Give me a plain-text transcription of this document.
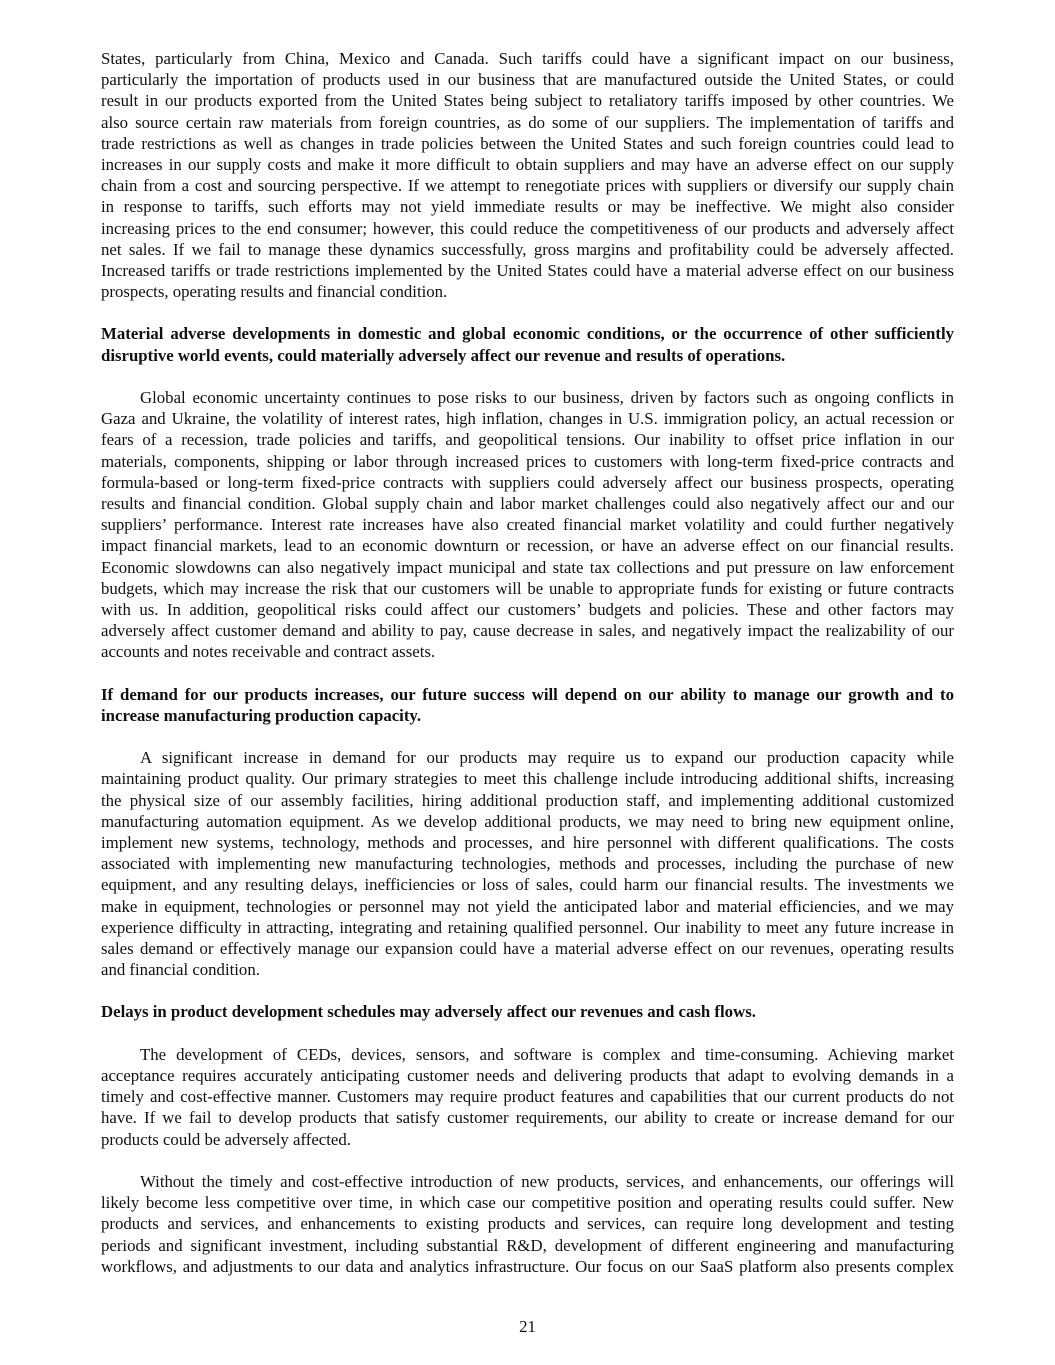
States, particularly from China, Mexico and Canada. Such tariffs could have a significant impact on our business,
particularly the importation of products used in our business that are manufactured outside the United States, or could
result in our products exported from the United States being subject to retaliatory tariffs imposed by other countries. We
also source certain raw materials from foreign countries, as do some of our suppliers. The implementation of tariffs and
trade restrictions as well as changes in trade policies between the United States and such foreign countries could lead to
increases in our supply costs and make it more difficult to obtain suppliers and may have an adverse effect on our supply
chain from a cost and sourcing perspective. If we attempt to renegotiate prices with suppliers or diversify our supply chain
in response to tariffs, such efforts may not yield immediate results or may be ineffective. We might also consider
increasing prices to the end consumer; however, this could reduce the competitiveness of our products and adversely affect
net sales. If we fail to manage these dynamics successfully, gross margins and profitability could be adversely affected.
Increased tariffs or trade restrictions implemented by the United States could have a material adverse effect on our business
prospects, operating results and financial condition.
Material adverse developments in domestic and global economic conditions, or the occurrence of other sufficiently
disruptive world events, could materially adversely affect our revenue and results of operations.
Global economic uncertainty continues to pose risks to our business, driven by factors such as ongoing conflicts in
Gaza and Ukraine, the volatility of interest rates, high inflation, changes in U.S. immigration policy, an actual recession or
fears of a recession, trade policies and tariffs, and geopolitical tensions. Our inability to offset price inflation in our
materials, components, shipping or labor through increased prices to customers with long-term fixed-price contracts and
formula-based or long-term fixed-price contracts with suppliers could adversely affect our business prospects, operating
results and financial condition. Global supply chain and labor market challenges could also negatively affect our and our
suppliers’ performance. Interest rate increases have also created financial market volatility and could further negatively
impact financial markets, lead to an economic downturn or recession, or have an adverse effect on our financial results.
Economic slowdowns can also negatively impact municipal and state tax collections and put pressure on law enforcement
budgets, which may increase the risk that our customers will be unable to appropriate funds for existing or future contracts
with us. In addition, geopolitical risks could affect our customers’ budgets and policies. These and other factors may
adversely affect customer demand and ability to pay, cause decrease in sales, and negatively impact the realizability of our
accounts and notes receivable and contract assets.
If demand for our products increases, our future success will depend on our ability to manage our growth and to
increase manufacturing production capacity.
A significant increase in demand for our products may require us to expand our production capacity while
maintaining product quality. Our primary strategies to meet this challenge include introducing additional shifts, increasing
the physical size of our assembly facilities, hiring additional production staff, and implementing additional customized
manufacturing automation equipment. As we develop additional products, we may need to bring new equipment online,
implement new systems, technology, methods and processes, and hire personnel with different qualifications. The costs
associated with implementing new manufacturing technologies, methods and processes, including the purchase of new
equipment, and any resulting delays, inefficiencies or loss of sales, could harm our financial results. The investments we
make in equipment, technologies or personnel may not yield the anticipated labor and material efficiencies, and we may
experience difficulty in attracting, integrating and retaining qualified personnel. Our inability to meet any future increase in
sales demand or effectively manage our expansion could have a material adverse effect on our revenues, operating results
and financial condition.
Delays in product development schedules may adversely affect our revenues and cash flows.
The development of CEDs, devices, sensors, and software is complex and time-consuming. Achieving market
acceptance requires accurately anticipating customer needs and delivering products that adapt to evolving demands in a
timely and cost-effective manner. Customers may require product features and capabilities that our current products do not
have. If we fail to develop products that satisfy customer requirements, our ability to create or increase demand for our
products could be adversely affected.
Without the timely and cost-effective introduction of new products, services, and enhancements, our offerings will
likely become less competitive over time, in which case our competitive position and operating results could suffer. New
products and services, and enhancements to existing products and services, can require long development and testing
periods and significant investment, including substantial R&D, development of different engineering and manufacturing
workflows, and adjustments to our data and analytics infrastructure. Our focus on our SaaS platform also presents complex
21
